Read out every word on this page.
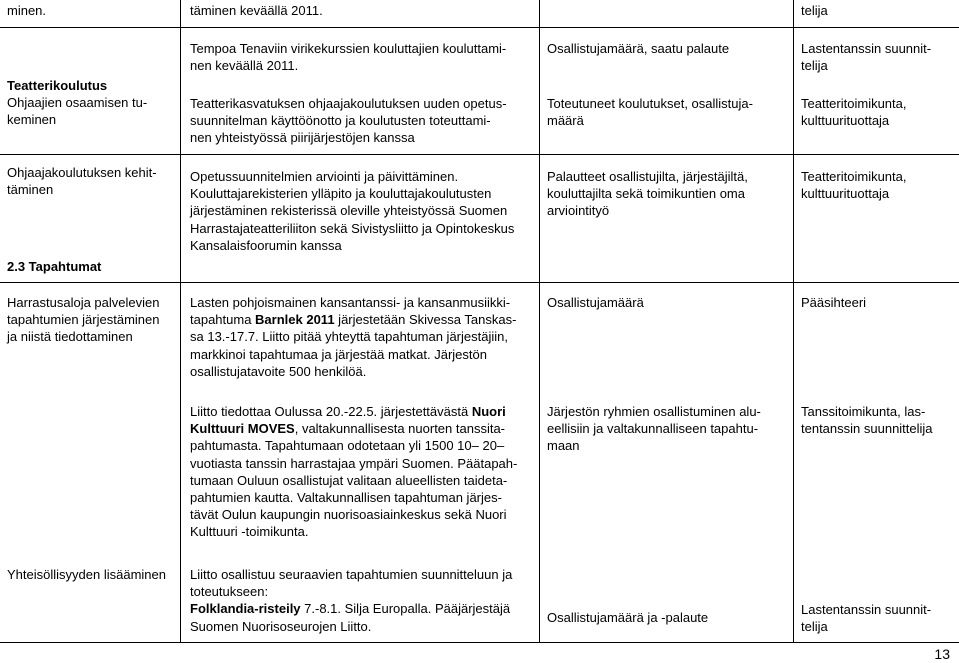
minen.	täminen keväällä 2011.	telija
Teatterikoulutus
Ohjaajien osaamisen tu-
keminen
Tempoa Tenaviin virikekurssien kouluttajien kouluttami-
nen keväällä 2011.
Teatterikasvatuksen ohjaajakoulutuksen uuden opetus-
suunnitelman käyttöönotto ja koulutusten toteuttami-
nen yhteistyössä piirijärjestöjen kanssa
Osallistujamäärä, saatu palaute
Toteutuneet koulutukset, osallistuja-
määrä
Lastentanssin suunnit-
telija
Teatteritoimikunta,
kulttuurituottaja
Ohjaajakoulutuksen kehit-
täminen
2.3 Tapahtumat
Opetussuunnitelmien arviointi ja päivittäminen.
Kouluttajarekisterien ylläpito ja kouluttajakoulutusten
järjestäminen rekisterissä oleville yhteistyössä Suomen
Harrastajateatteriliiton sekä Sivistysliitto ja Opintokeskus
Kansalaisfoorumin kanssa
Palautteet osallistujilta, järjestäjiltä,
kouluttajilta sekä toimikuntien oma
arviointityö
Teatteritoimikunta,
kulttuurituottaja
Harrastusaloja palvelevien
tapahtumien järjestäminen
ja niistä tiedottaminen
Lasten pohjoismainen kansantanssi- ja kansanmusiikki-
tapahtuma Barnlek 2011 järjestetään Skivessa Tanskas-
sa 13.-17.7. Liitto pitää yhteyttä tapahtuman järjestäjiin,
markkinoi tapahtumaa ja järjestää matkat. Järjestön
osallistujatavoite 500 henkilöä.
Liitto tiedottaa Oulussa 20.-22.5. järjestettävästä Nuori
Kulttuuri MOVES, valtakunnallisesta nuorten tanssita-
pahtumasta. Tapahtumaan odotetaan yli 1500 10– 20–
vuotiasta tanssin harrastajaa ympäri Suomen. Päätapah-
tumaan Ouluun osallistujat valitaan alueellisten taideta-
pahtumien kautta. Valtakunnallisen tapahtuman järjes-
tävät Oulun kaupungin nuorisoasiainkeskus sekä Nuori
Kulttuuri -toimikunta.
Osallistujamäärä
Järjestön ryhmien osallistuminen alu-
eellisiin ja valtakunnalliseen tapahtu-
maan
Pääsihteeri
Tanssitoimikunta, las-
tentanssin suunnittelija
Yhteisöllisyyden lisääminen Liitto osallistuu seuraavien tapahtumien suunnitteluun ja
toteutukseen:
Folklandia-risteily 7.-8.1. Silja Europalla. Pääjärjestäjä
Suomen Nuorisoseurojen Liitto.
Osallistujamäärä ja -palaute
Lastentanssin suunnit-
telija
13
